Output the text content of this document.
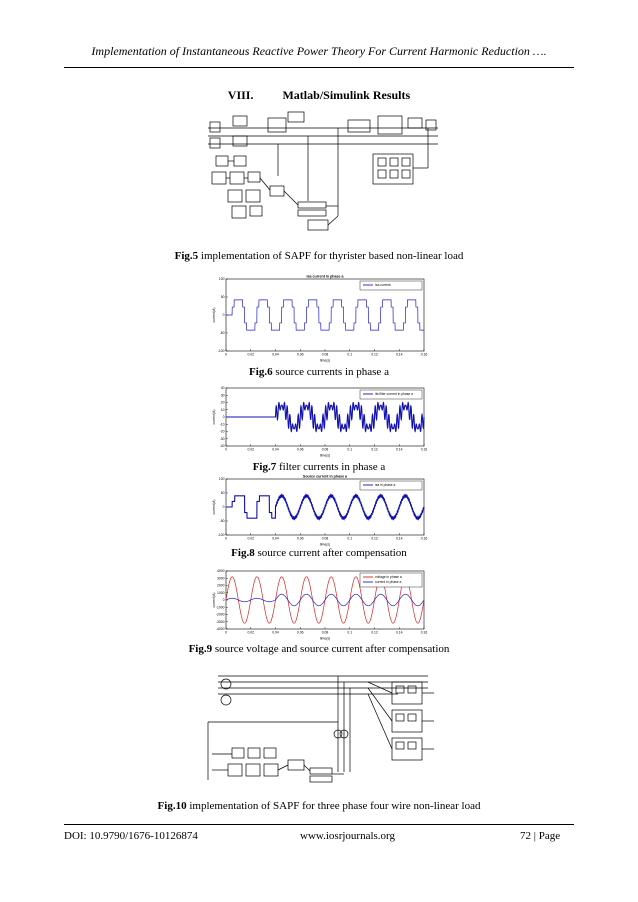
Implementation of Instantaneous Reactive Power Theory For Current Harmonic Reduction ….
VIII. Matlab/Simulink Results
Fig.5 implementation of SAPF for thyrister based non-linear load
Isa current in phase a
0	0.02	0.04	0.06	0.08	0.1	0.12	0.14	0.16
100
50
0
-50
-100
time(s)
current(A)
Isa current
Fig.6 source currents in phase a
0	0.02	0.04	0.06	0.08	0.1	0.12	0.14	0.16
40
30
20
10
0
-10
-20
-30
-40
time(s)
current(A)
ifa filter current in phase a
Fig.7 filter currents in phase a
Source current in phase a
0	0.02	0.04	0.06	0.08	0.1	0.12	0.14	0.16
100
50
0
-50
-100
time(s)
current(A)
isa in phase a
Fig.8 source current after compensation
0	0.02	0.04	0.06	0.08	0.1	0.12	0.14	0.16
4000
3000
2000
1000
0
-1000
-2000
-3000
-4000
time(s)
current(A)
voltage in phase a
current in phase a
Fig.9 source voltage and source current after compensation
Fig.10 implementation of SAPF for three phase four wire non-linear load
DOI: 10.9790/1676-10126874	www.iosrjournals.org	72 | Page
